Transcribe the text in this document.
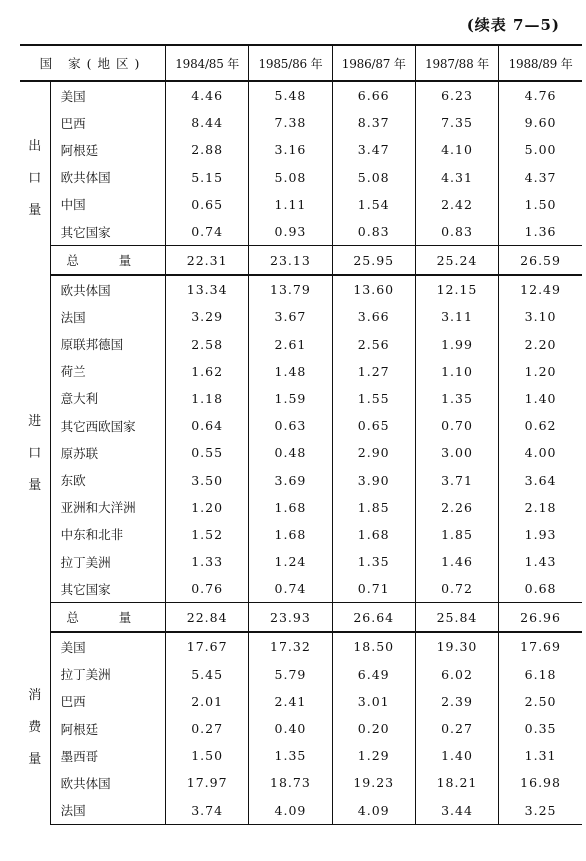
(续表 7—5)
国 家(地区)		1984/85 年	1985/86 年	1986/87 年	1987/88 年	1988/89 年

出
口
量	美国	4.46	5.48	6.66	6.23	4.76
	巴西	8.44	7.38	8.37	7.35	9.60
	阿根廷	2.88	3.16	3.47	4.10	5.00
	欧共体国	5.15	5.08	5.08	4.31	4.37
	中国	0.65	1.11	1.54	2.42	1.50
	其它国家	0.74	0.93	0.83	0.83	1.36
	总 量	22.31	23.13	25.95	25.24	26.59

进
口
量	欧共体国	13.34	13.79	13.60	12.15	12.49
	法国	3.29	3.67	3.66	3.11	3.10
	原联邦德国	2.58	2.61	2.56	1.99	2.20
	荷兰	1.62	1.48	1.27	1.10	1.20
	意大利	1.18	1.59	1.55	1.35	1.40
	其它西欧国家	0.64	0.63	0.65	0.70	0.62
	原苏联	0.55	0.48	2.90	3.00	4.00
	东欧	3.50	3.69	3.90	3.71	3.64
	亚洲和大洋洲	1.20	1.68	1.85	2.26	2.18
	中东和北非	1.52	1.68	1.68	1.85	1.93
	拉丁美洲	1.33	1.24	1.35	1.46	1.43
	其它国家	0.76	0.74	0.71	0.72	0.68
	总 量	22.84	23.93	26.64	25.84	26.96

消
费
量	美国	17.67	17.32	18.50	19.30	17.69
	拉丁美洲	5.45	5.79	6.49	6.02	6.18
	巴西	2.01	2.41	3.01	2.39	2.50
	阿根廷	0.27	0.40	0.20	0.27	0.35
	墨西哥	1.50	1.35	1.29	1.40	1.31
	欧共体国	17.97	18.73	19.23	18.21	16.98
	法国	3.74	4.09	4.09	3.44	3.25
